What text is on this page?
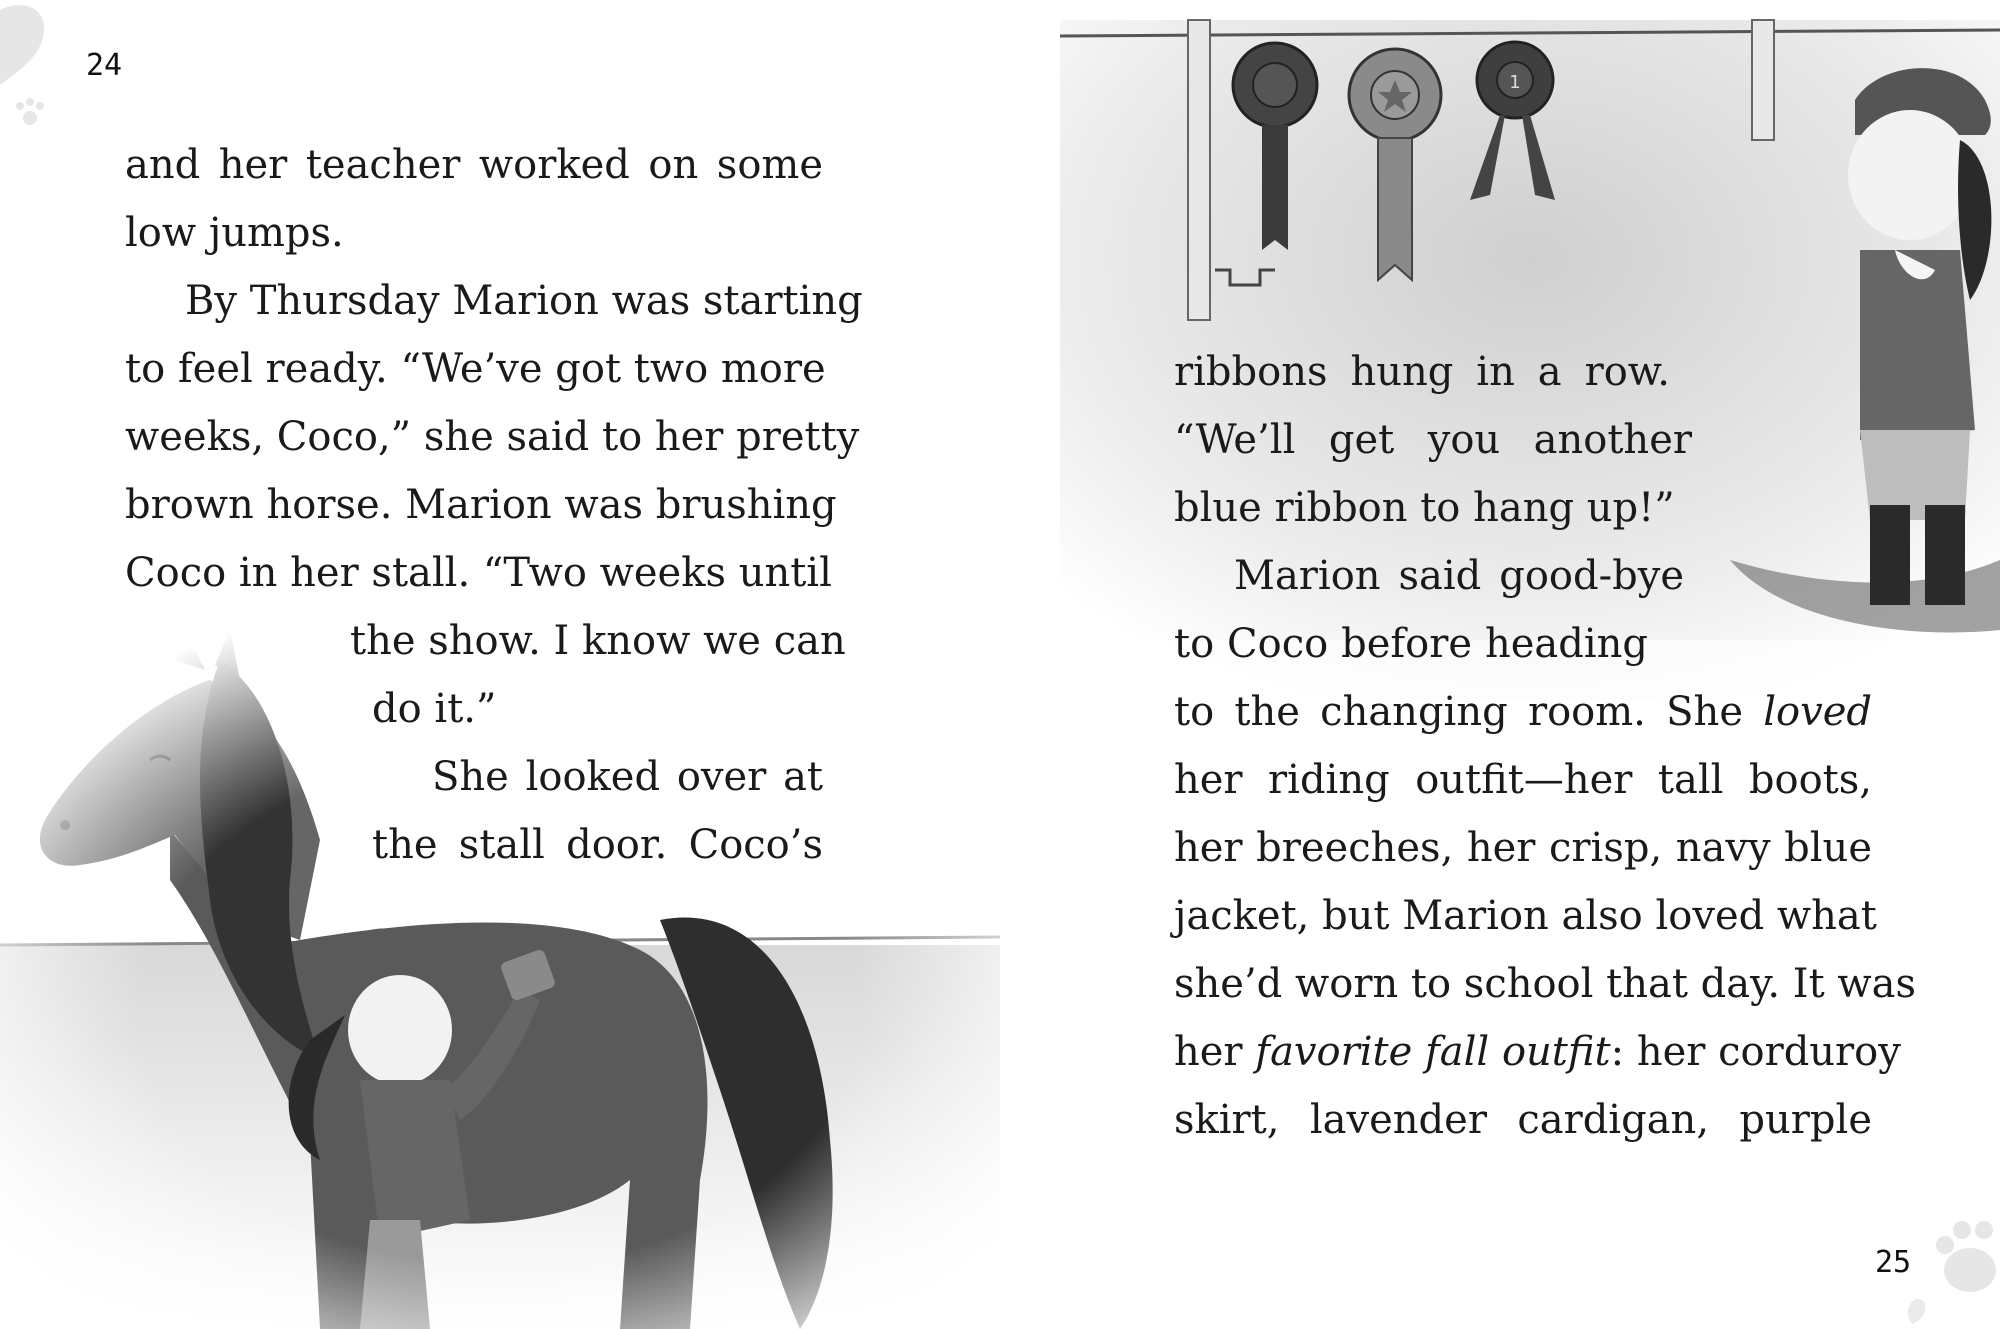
24

and her teacher worked on some

low jumps.

By Thursday Marion was starting

to feel ready. “We’ve got two more

weeks, Coco,” she said to her pretty

brown horse. Marion was brushing

Coco in her stall. “Two weeks until

the show. I know we can

do it.”

She looked over at

the stall door. Coco’s

1

ribbons hung in a row.

“We’ll get you another

blue ribbon to hang up!”

Marion said good-bye

to Coco before heading

to the changing room. She loved

her riding outfit—her tall boots,

her breeches, her crisp, navy blue

jacket, but Marion also loved what

she’d worn to school that day. It was

her favorite fall outfit: her corduroy

skirt, lavender cardigan, purple

25
